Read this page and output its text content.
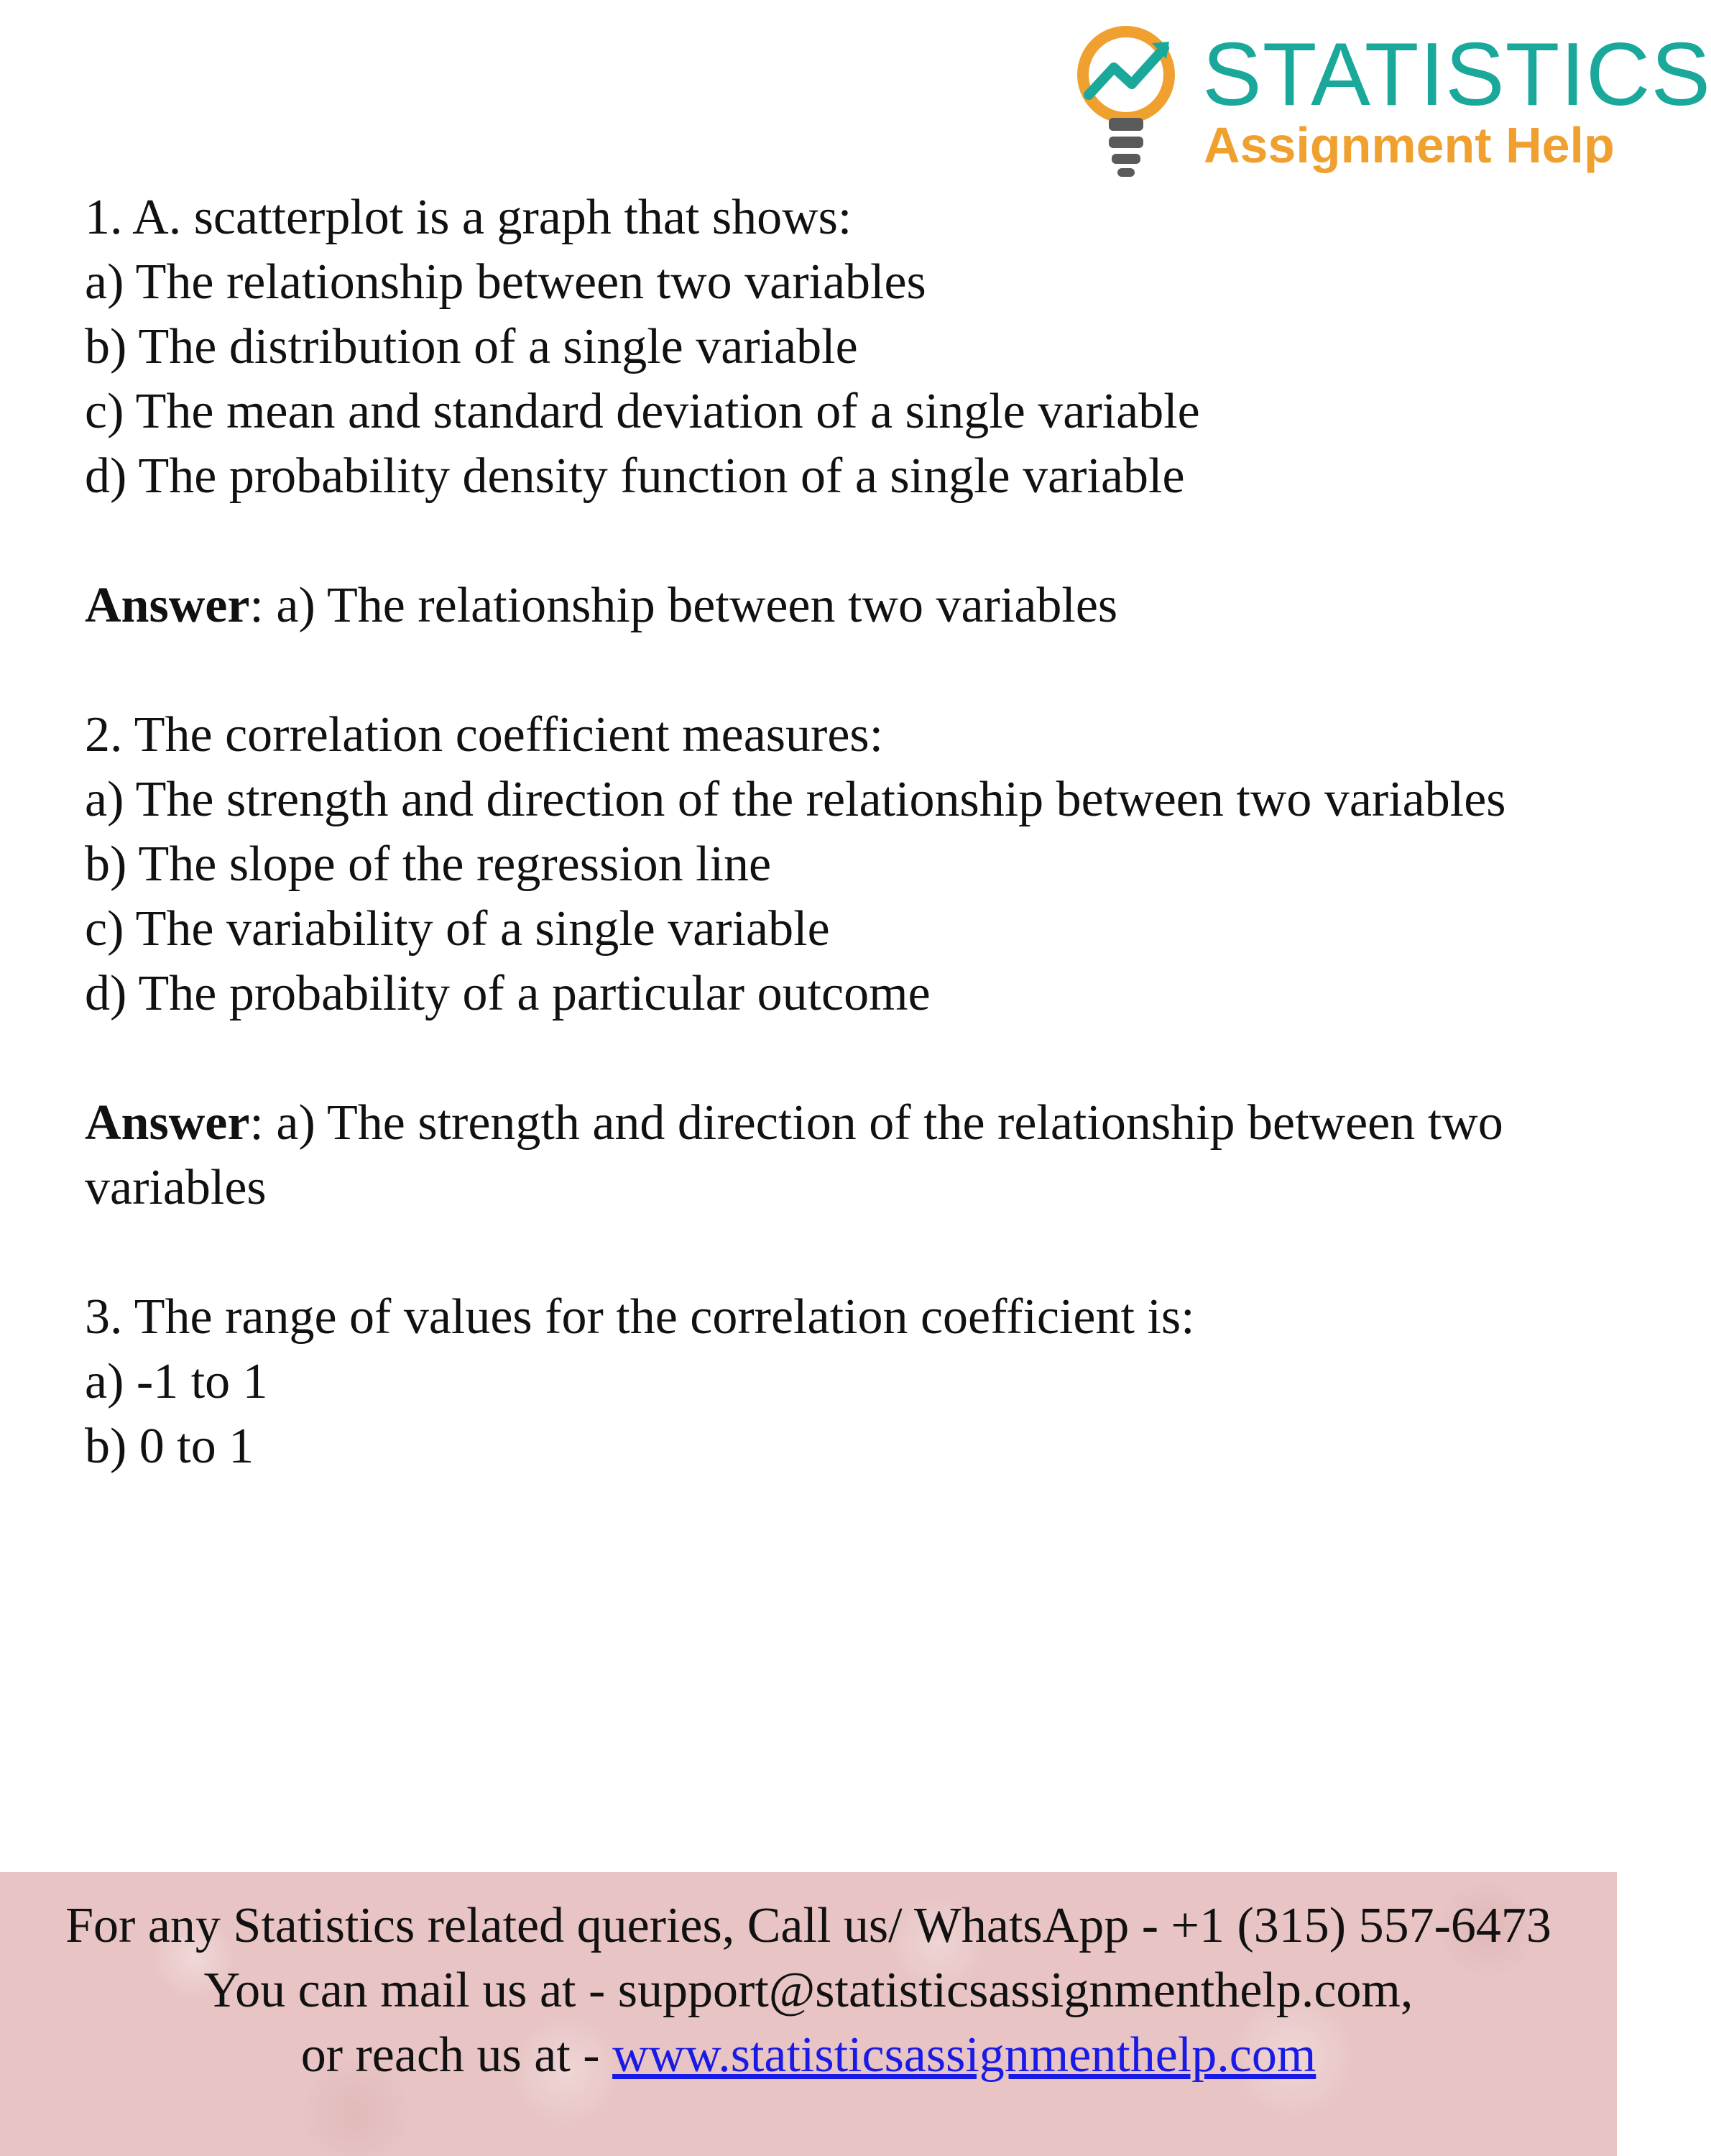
STATISTICS
Assignment Help

1. A. scatterplot is a graph that shows:

a) The relationship between two variables

b) The distribution of a single variable

c) The mean and standard deviation of a single variable

d) The probability density function of a single variable

Answer: a) The relationship between two variables

2. The correlation coefficient measures:

a) The strength and direction of the relationship between two variables

b) The slope of the regression line

c) The variability of a single variable

d) The probability of a particular outcome

Answer: a) The strength and direction of the relationship between two variables

3. The range of values for the correlation coefficient is:

a) -1 to 1

b) 0 to 1

For any Statistics related queries, Call us/ WhatsApp - +1 (315) 557-6473
You can mail us at - support@statisticsassignmenthelp.com,
or reach us at - www.statisticsassignmenthelp.com
